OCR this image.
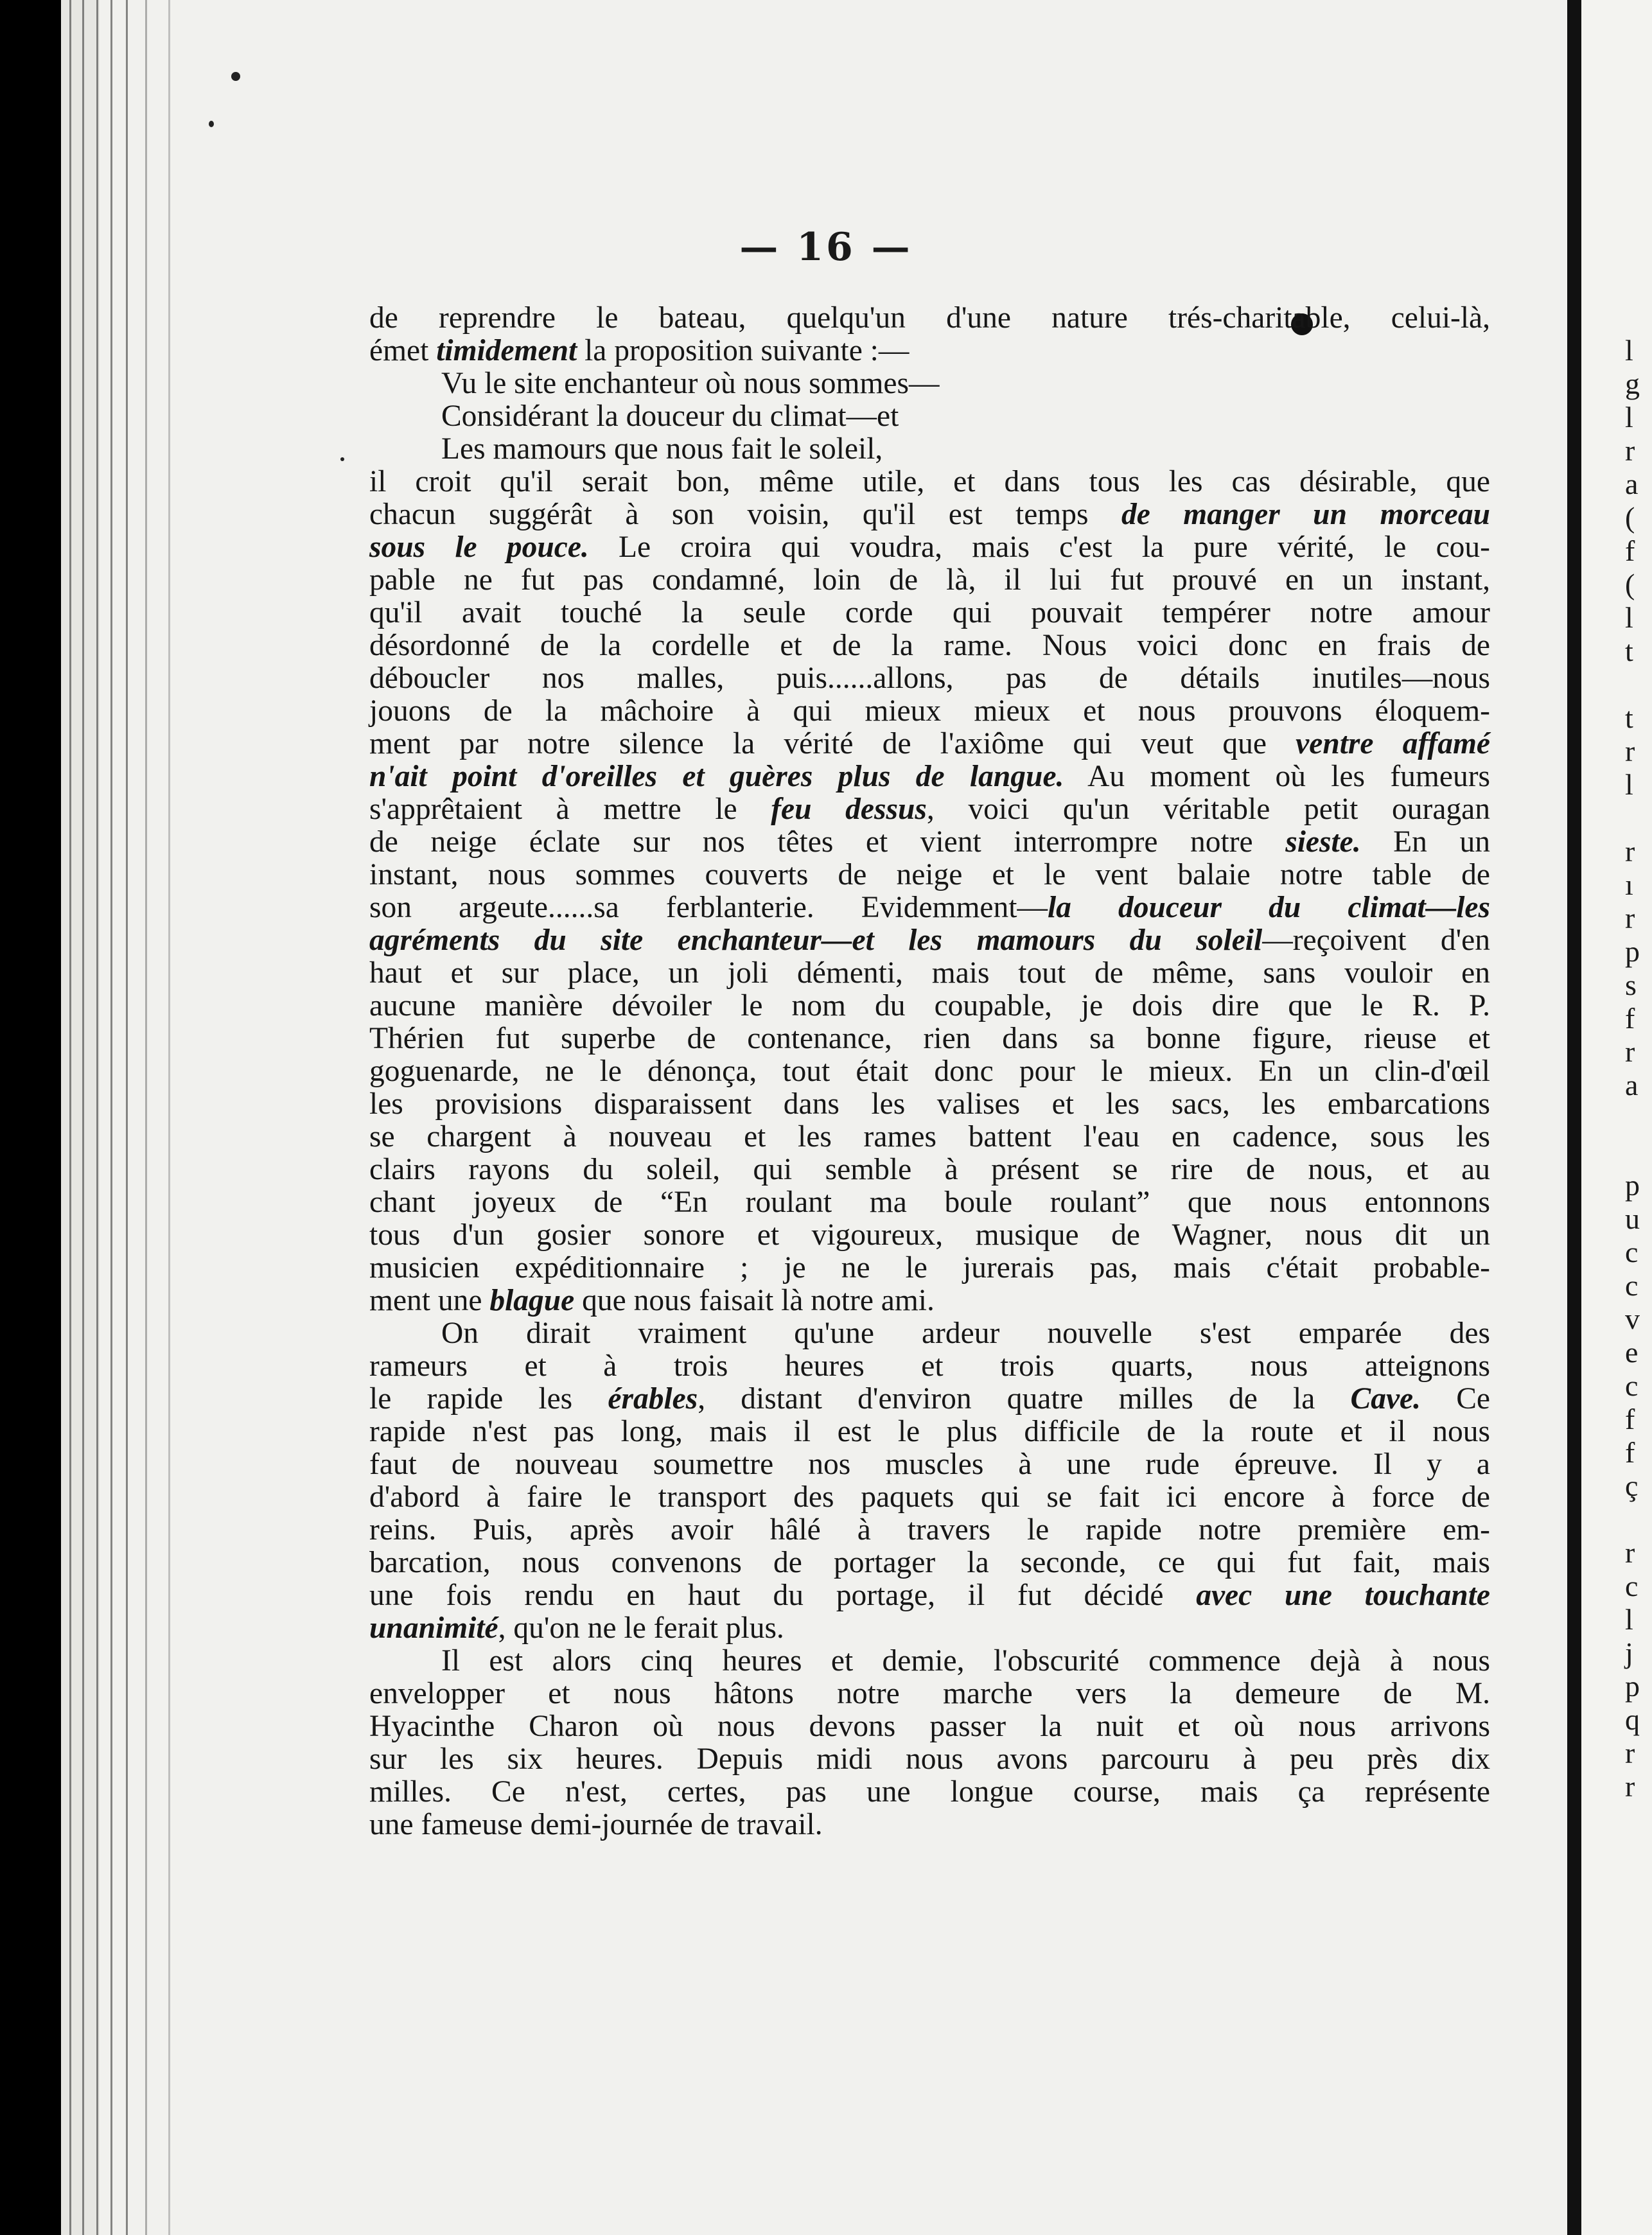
l
g
l
r
a
(
f
(
l
t
t
r
l
r
ı
r
p
s
f
r
a
p
u
c
c
v
e
c
f
f
ç
r
c
l
j
p
q
r
r
— 16 —
de reprendre le bateau, quelqu'un d'une nature trés-charitable, celui-là,
émet timidement la proposition suivante :—
Vu le site enchanteur où nous sommes—
Considérant la douceur du climat—et
Les mamours que nous fait le soleil,
il croit qu'il serait bon, même utile, et dans tous les cas désirable, que
chacun suggérât à son voisin, qu'il est temps de manger un morceau
sous le pouce. Le croira qui voudra, mais c'est la pure vérité, le cou-
pable ne fut pas condamné, loin de là, il lui fut prouvé en un instant,
qu'il avait touché la seule corde qui pouvait tempérer notre amour
désordonné de la cordelle et de la rame. Nous voici donc en frais de
déboucler nos malles, puis......allons, pas de détails inutiles—nous
jouons de la mâchoire à qui mieux mieux et nous prouvons éloquem-
ment par notre silence la vérité de l'axiôme qui veut que ventre affamé
n'ait point d'oreilles et guères plus de langue. Au moment où les fumeurs
s'apprêtaient à mettre le feu dessus, voici qu'un véritable petit ouragan
de neige éclate sur nos têtes et vient interrompre notre sieste. En un
instant, nous sommes couverts de neige et le vent balaie notre table de
son argeute......sa ferblanterie. Evidemment—la douceur du climat—les
agréments du site enchanteur—et les mamours du soleil—reçoivent d'en
haut et sur place, un joli démenti, mais tout de même, sans vouloir en
aucune manière dévoiler le nom du coupable, je dois dire que le R. P.
Thérien fut superbe de contenance, rien dans sa bonne figure, rieuse et
goguenarde, ne le dénonça, tout était donc pour le mieux. En un clin-d'œil
les provisions disparaissent dans les valises et les sacs, les embarcations
se chargent à nouveau et les rames battent l'eau en cadence, sous les
clairs rayons du soleil, qui semble à présent se rire de nous, et au
chant joyeux de “En roulant ma boule roulant” que nous entonnons
tous d'un gosier sonore et vigoureux, musique de Wagner, nous dit un
musicien expéditionnaire ; je ne le jurerais pas, mais c'était probable-
ment une blague que nous faisait là notre ami.
On dirait vraiment qu'une ardeur nouvelle s'est emparée des
rameurs et à trois heures et trois quarts, nous atteignons
le rapide les érables, distant d'environ quatre milles de la Cave. Ce
rapide n'est pas long, mais il est le plus difficile de la route et il nous
faut de nouveau soumettre nos muscles à une rude épreuve. Il y a
d'abord à faire le transport des paquets qui se fait ici encore à force de
reins. Puis, après avoir hâlé à travers le rapide notre première em-
barcation, nous convenons de portager la seconde, ce qui fut fait, mais
une fois rendu en haut du portage, il fut décidé avec une touchante
unanimité, qu'on ne le ferait plus.
Il est alors cinq heures et demie, l'obscurité commence dejà à nous
envelopper et nous hâtons notre marche vers la demeure de M.
Hyacinthe Charon où nous devons passer la nuit et où nous arrivons
sur les six heures. Depuis midi nous avons parcouru à peu près dix
milles. Ce n'est, certes, pas une longue course, mais ça représente
une fameuse demi-journée de travail.
